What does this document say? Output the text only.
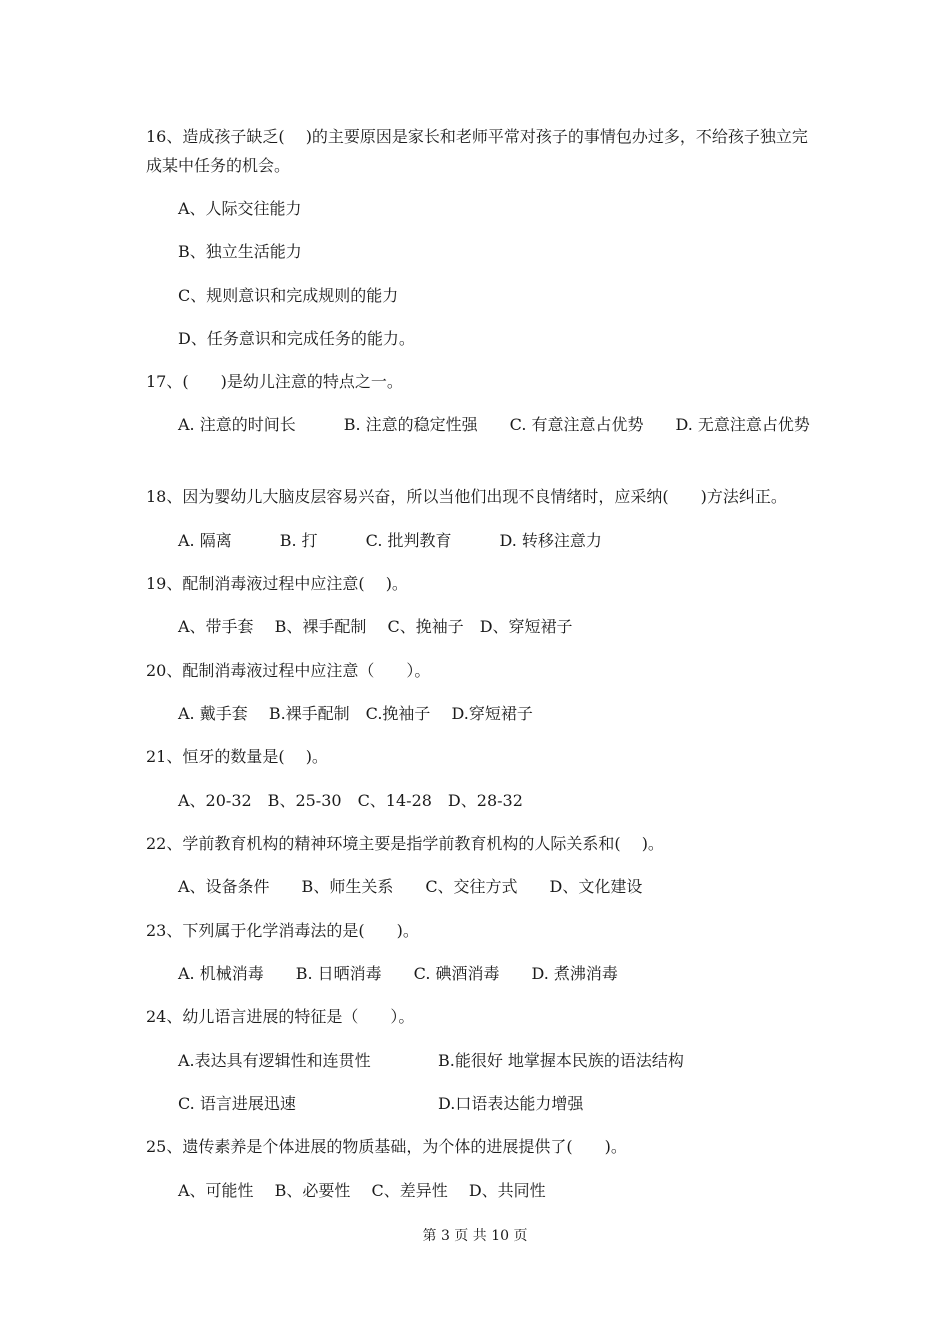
16、造成孩子缺乏(　 )的主要原因是家长和老师平常对孩子的事情包办过多，不给孩子独立完成某中任务的机会。
A、人际交往能力
B、独立生活能力
C、规则意识和完成规则的能力
D、任务意识和完成任务的能力。
17、(　　)是幼儿注意的特点之一。
A. 注意的时间长　　　B. 注意的稳定性强　　C. 有意注意占优势　　D. 无意注意占优势
18、因为婴幼儿大脑皮层容易兴奋，所以当他们出现不良情绪时，应采纳(　　)方法纠正。
A. 隔离　　　B. 打　　　C. 批判教育　　　D. 转移注意力
19、配制消毒液过程中应注意(　 )。
A、带手套　 B、裸手配制　 C、挽袖子　D、穿短裙子
20、配制消毒液过程中应注意（　　）。
A. 戴手套　 B.裸手配制　C.挽袖子　 D.穿短裙子
21、恒牙的数量是(　 )。
A、20-32　B、25-30　C、14-28　D、28-32
22、学前教育机构的精神环境主要是指学前教育机构的人际关系和(　 )。
A、设备条件　　B、师生关系　　C、交往方式　　D、文化建设
23、下列属于化学消毒法的是(　　)。
A. 机械消毒　　B. 日晒消毒　　C. 碘酒消毒　　D. 煮沸消毒
24、幼儿语言进展的特征是（　　）。
A.表达具有逻辑性和连贯性	B.能很好 地掌握本民族的语法结构
C. 语言进展迅速	D.口语表达能力增强
25、遗传素养是个体进展的物质基础，为个体的进展提供了(　　)。
A、可能性　 B、必要性　 C、差异性　 D、共同性
第 3 页 共 10 页
